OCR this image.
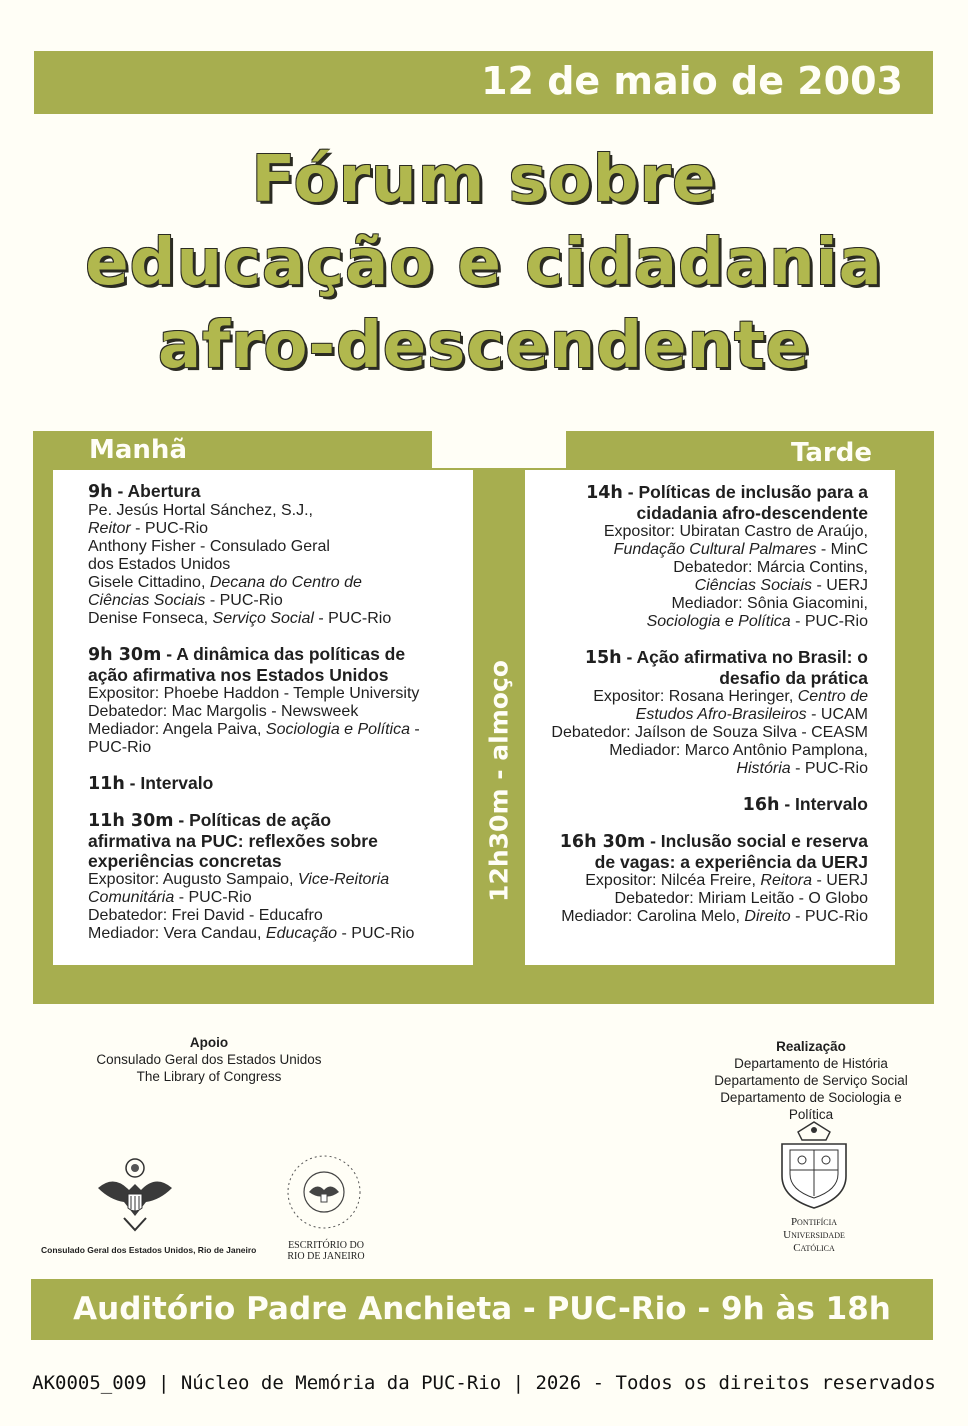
12 de maio de 2003
Fórum sobre
educação e cidadania
afro-descendente
Manhã	Tarde
12h30m - almoço
9h - Abertura
Pe. Jesús Hortal Sánchez, S.J.,
Reitor - PUC-Rio
Anthony Fisher - Consulado Geral
dos Estados Unidos
Gisele Cittadino, Decana do Centro de
Ciências Sociais - PUC-Rio
Denise Fonseca, Serviço Social - PUC-Rio
9h 30m - A dinâmica das políticas de
ação afirmativa nos Estados Unidos
Expositor: Phoebe Haddon - Temple University
Debatedor: Mac Margolis - Newsweek
Mediador: Angela Paiva, Sociologia e Política -
PUC-Rio
11h - Intervalo
11h 30m - Políticas de ação
afirmativa na PUC: reflexões sobre
experiências concretas
Expositor: Augusto Sampaio, Vice-Reitoria
Comunitária - PUC-Rio
Debatedor: Frei David - Educafro
Mediador: Vera Candau, Educação - PUC-Rio
14h - Políticas de inclusão para a
cidadania afro-descendente
Expositor: Ubiratan Castro de Araújo,
Fundação Cultural Palmares - MinC
Debatedor: Márcia Contins,
Ciências Sociais - UERJ
Mediador: Sônia Giacomini,
Sociologia e Política - PUC-Rio
15h - Ação afirmativa no Brasil: o
desafio da prática
Expositor: Rosana Heringer, Centro de
Estudos Afro-Brasileiros - UCAM
Debatedor: Jaílson de Souza Silva - CEASM
Mediador: Marco Antônio Pamplona,
História - PUC-Rio
16h - Intervalo
16h 30m - Inclusão social e reserva
de vagas: a experiência da UERJ
Expositor: Nilcéa Freire, Reitora - UERJ
Debatedor: Miriam Leitão - O Globo
Mediador: Carolina Melo, Direito - PUC-Rio
Apoio
Consulado Geral dos Estados Unidos
The Library of Congress
Realização
Departamento de História
Departamento de Serviço Social
Departamento de Sociologia e Política
Consulado Geral dos Estados Unidos, Rio de Janeiro	ESCRITÓRIO DO
RIO DE JANEIRO
Pontifícia
Universidade
Católica
Auditório Padre Anchieta - PUC-Rio - 9h às 18h
AK0005_009 | Núcleo de Memória da PUC-Rio | 2026 - Todos os direitos reservados
